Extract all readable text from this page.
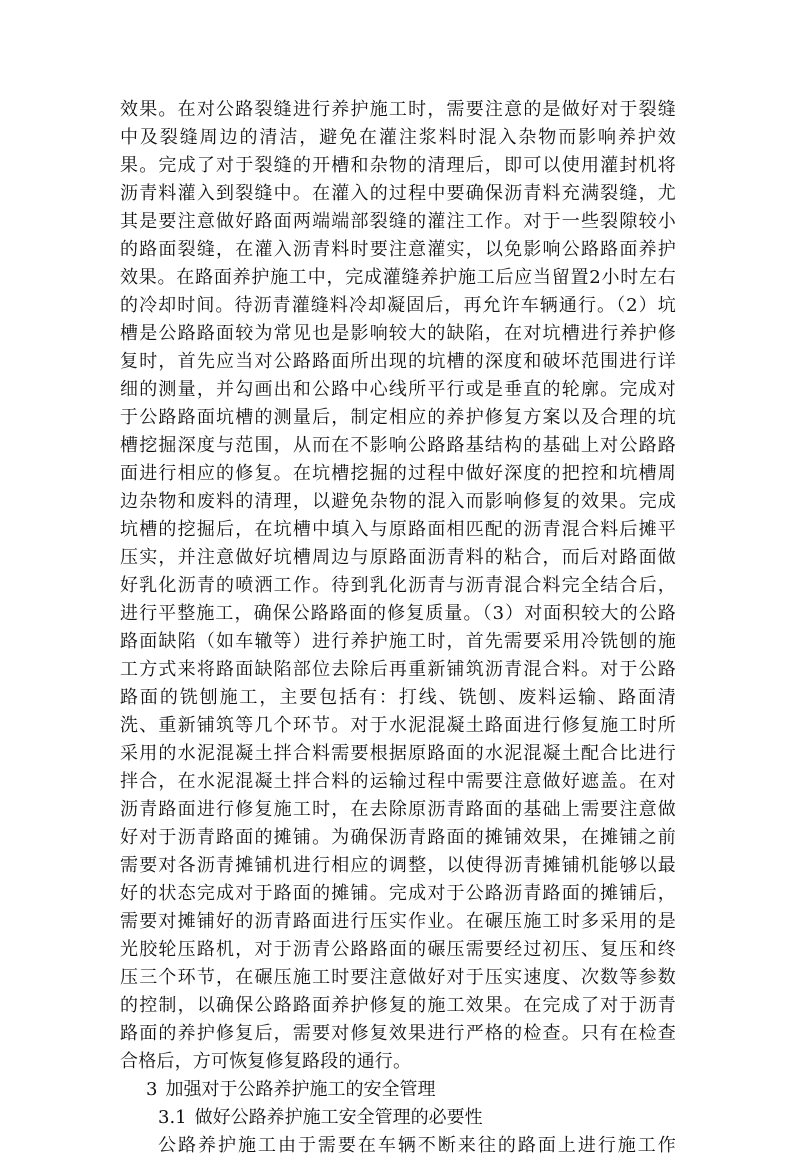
效果。在对公路裂缝进行养护施工时，需要注意的是做好对于裂缝
中及裂缝周边的清洁，避免在灌注浆料时混入杂物而影响养护效
果。完成了对于裂缝的开槽和杂物的清理后，即可以使用灌封机将
沥青料灌入到裂缝中。在灌入的过程中要确保沥青料充满裂缝，尤
其是要注意做好路面两端端部裂缝的灌注工作。对于一些裂隙较小
的路面裂缝，在灌入沥青料时要注意灌实，以免影响公路路面养护
效果。在路面养护施工中，完成灌缝养护施工后应当留置2小时左右
的冷却时间。待沥青灌缝料冷却凝固后，再允许车辆通行。（2）坑
槽是公路路面较为常见也是影响较大的缺陷，在对坑槽进行养护修
复时，首先应当对公路路面所出现的坑槽的深度和破坏范围进行详
细的测量，并勾画出和公路中心线所平行或是垂直的轮廓。完成对
于公路路面坑槽的测量后，制定相应的养护修复方案以及合理的坑
槽挖掘深度与范围，从而在不影响公路路基结构的基础上对公路路
面进行相应的修复。在坑槽挖掘的过程中做好深度的把控和坑槽周
边杂物和废料的清理，以避免杂物的混入而影响修复的效果。完成
坑槽的挖掘后，在坑槽中填入与原路面相匹配的沥青混合料后摊平
压实，并注意做好坑槽周边与原路面沥青料的粘合，而后对路面做
好乳化沥青的喷洒工作。待到乳化沥青与沥青混合料完全结合后，
进行平整施工，确保公路路面的修复质量。（3）对面积较大的公路
路面缺陷（如车辙等）进行养护施工时，首先需要采用冷铣刨的施
工方式来将路面缺陷部位去除后再重新铺筑沥青混合料。对于公路
路面的铣刨施工，主要包括有：打线、铣刨、废料运输、路面清
洗、重新铺筑等几个环节。对于水泥混凝土路面进行修复施工时所
采用的水泥混凝土拌合料需要根据原路面的水泥混凝土配合比进行
拌合，在水泥混凝土拌合料的运输过程中需要注意做好遮盖。在对
沥青路面进行修复施工时，在去除原沥青路面的基础上需要注意做
好对于沥青路面的摊铺。为确保沥青路面的摊铺效果，在摊铺之前
需要对各沥青摊铺机进行相应的调整，以使得沥青摊铺机能够以最
好的状态完成对于路面的摊铺。完成对于公路沥青路面的摊铺后，
需要对摊铺好的沥青路面进行压实作业。在碾压施工时多采用的是
光胶轮压路机，对于沥青公路路面的碾压需要经过初压、复压和终
压三个环节，在碾压施工时要注意做好对于压实速度、次数等参数
的控制，以确保公路路面养护修复的施工效果。在完成了对于沥青
路面的养护修复后，需要对修复效果进行严格的检查。只有在检查
合格后，方可恢复修复路段的通行。
3 加强对于公路养护施工的安全管理
3.1 做好公路养护施工安全管理的必要性
公路养护施工由于需要在车辆不断来往的路面上进行施工作
